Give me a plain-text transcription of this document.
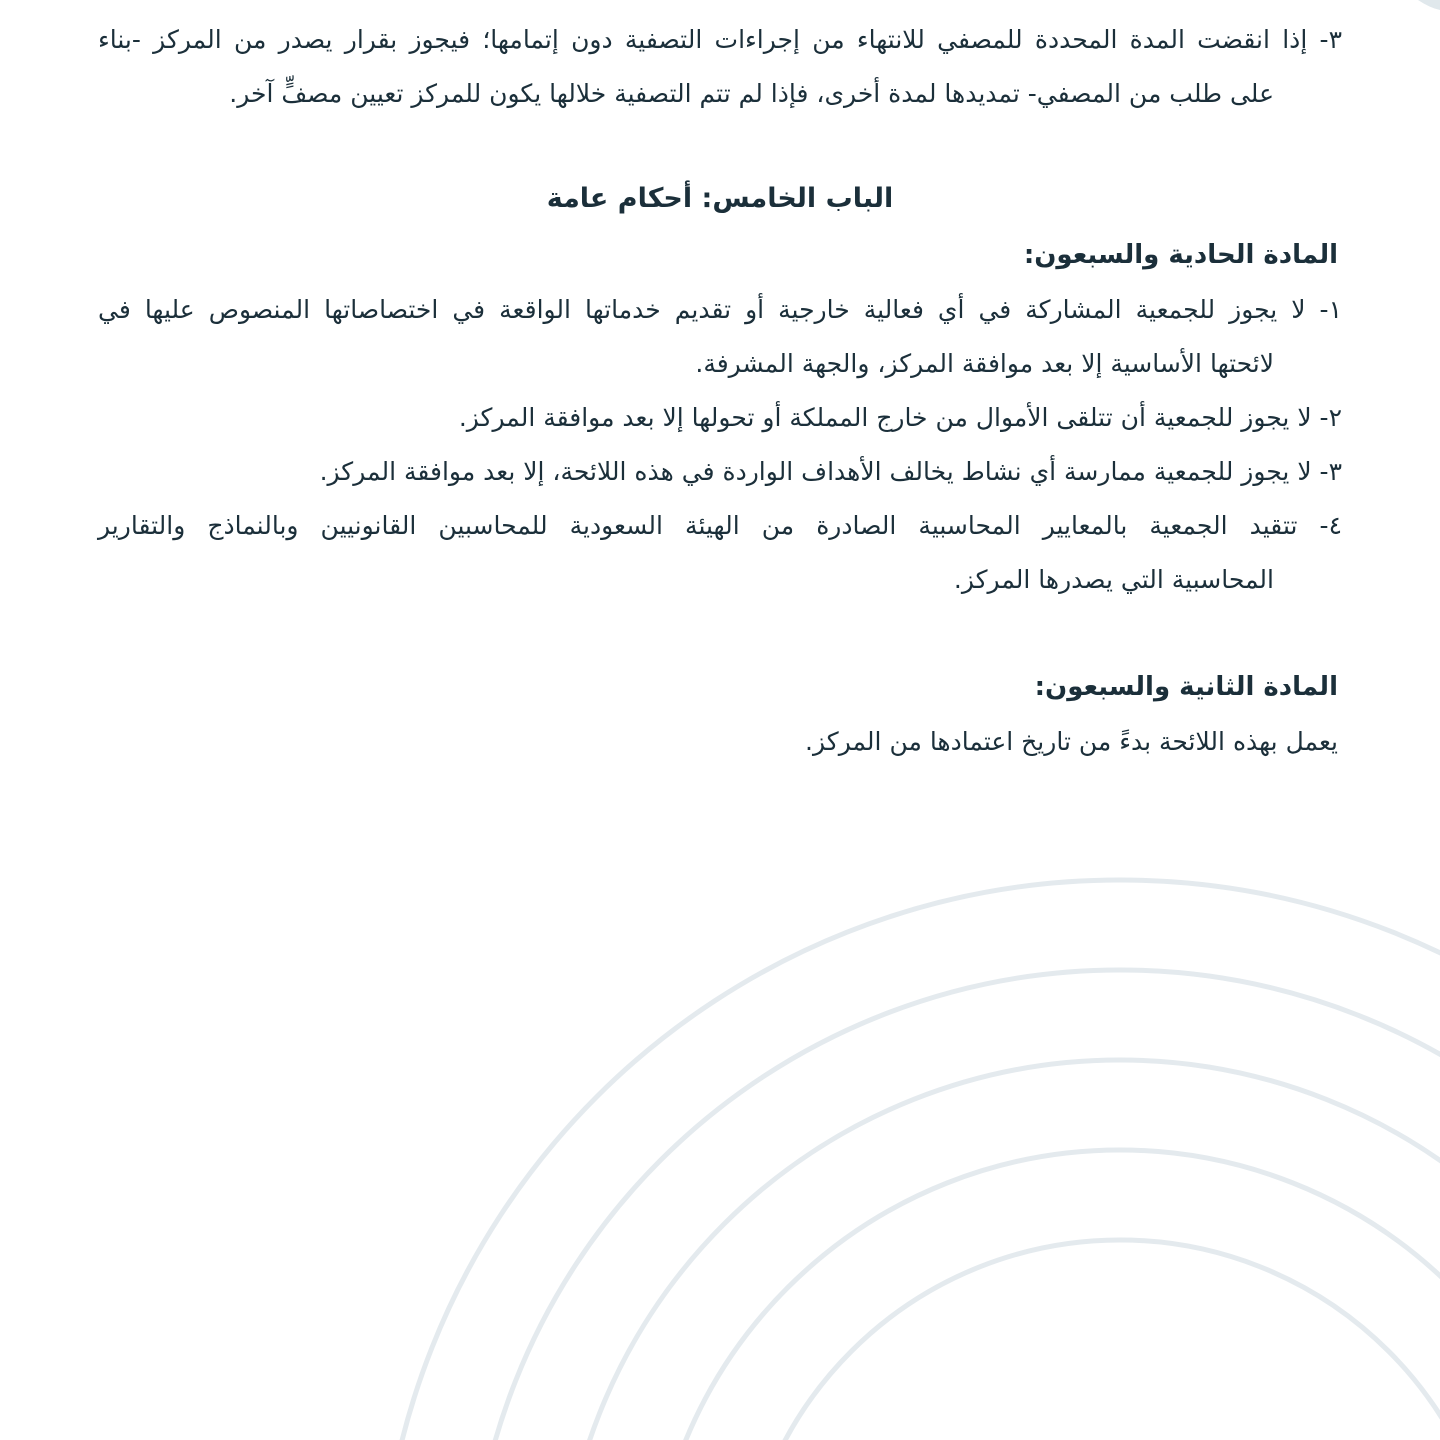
٣- إذا انقضت المدة المحددة للمصفي للانتهاء من إجراءات التصفية دون إتمامها؛ فيجوز بقرار يصدر من المركز -بناء
على طلب من المصفي- تمديدها لمدة أخرى، فإذا لم تتم التصفية خلالها يكون للمركز تعيين مصفٍّ آخر.
الباب الخامس: أحكام عامة
المادة الحادية والسبعون:
١- لا يجوز للجمعية المشاركة في أي فعالية خارجية أو تقديم خدماتها الواقعة في اختصاصاتها المنصوص عليها في
لائحتها الأساسية إلا بعد موافقة المركز، والجهة المشرفة.
٢- لا يجوز للجمعية أن تتلقى الأموال من خارج المملكة أو تحولها إلا بعد موافقة المركز.
٣- لا يجوز للجمعية ممارسة أي نشاط يخالف الأهداف الواردة في هذه اللائحة، إلا بعد موافقة المركز.
٤- تتقيد الجمعية بالمعايير المحاسبية الصادرة من الهيئة السعودية للمحاسبين القانونيين وبالنماذج والتقارير
المحاسبية التي يصدرها المركز.
المادة الثانية والسبعون:
يعمل بهذه اللائحة بدءً من تاريخ اعتمادها من المركز.
